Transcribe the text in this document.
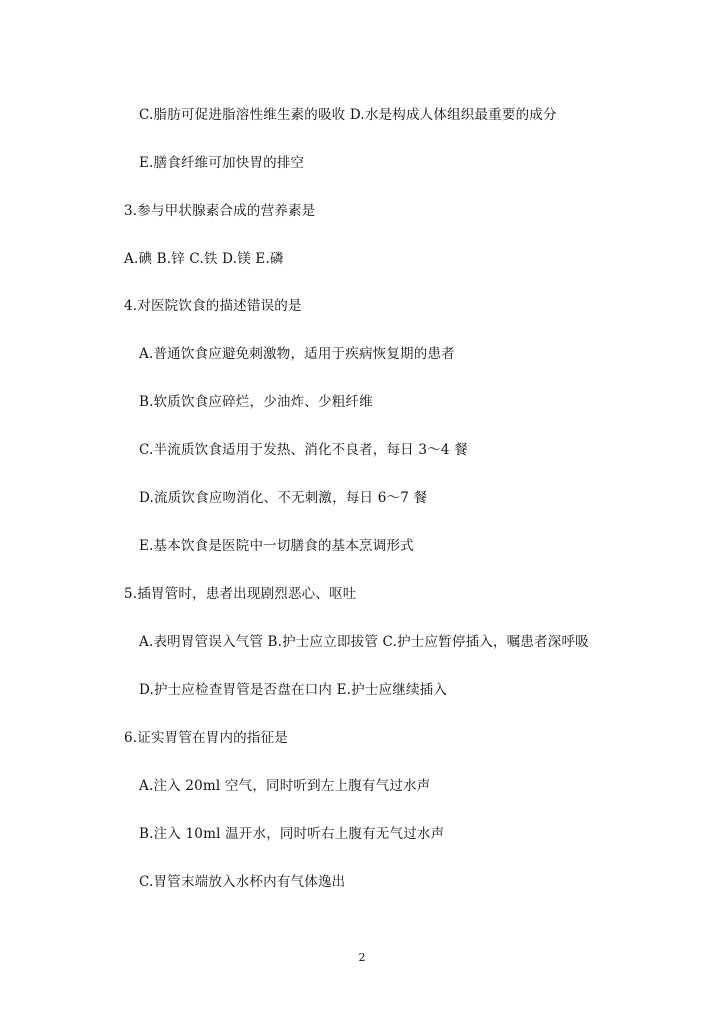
C.脂肪可促进脂溶性维生素的吸收 D.水是构成人体组织最重要的成分
E.膳食纤维可加快胃的排空
3.参与甲状腺素合成的营养素是
A.碘 B.锌 C.铁 D.镁 E.磷
4.对医院饮食的描述错误的是
A.普通饮食应避免刺激物，适用于疾病恢复期的患者
B.软质饮食应碎烂，少油炸、少粗纤维
C.半流质饮食适用于发热、消化不良者，每日 3～4 餐
D.流质饮食应吻消化、不无刺激，每日 6～7 餐
E.基本饮食是医院中一切膳食的基本烹调形式
5.插胃管时，患者出现剧烈恶心、呕吐
A.表明胃管误入气管 B.护士应立即拔管 C.护士应暂停插入，嘱患者深呼吸
D.护士应检查胃管是否盘在口内 E.护士应继续插入
6.证实胃管在胃内的指征是
A.注入 20ml 空气，同时听到左上腹有气过水声
B.注入 10ml 温开水，同时听右上腹有无气过水声
C.胃管末端放入水杯内有气体逸出
2
